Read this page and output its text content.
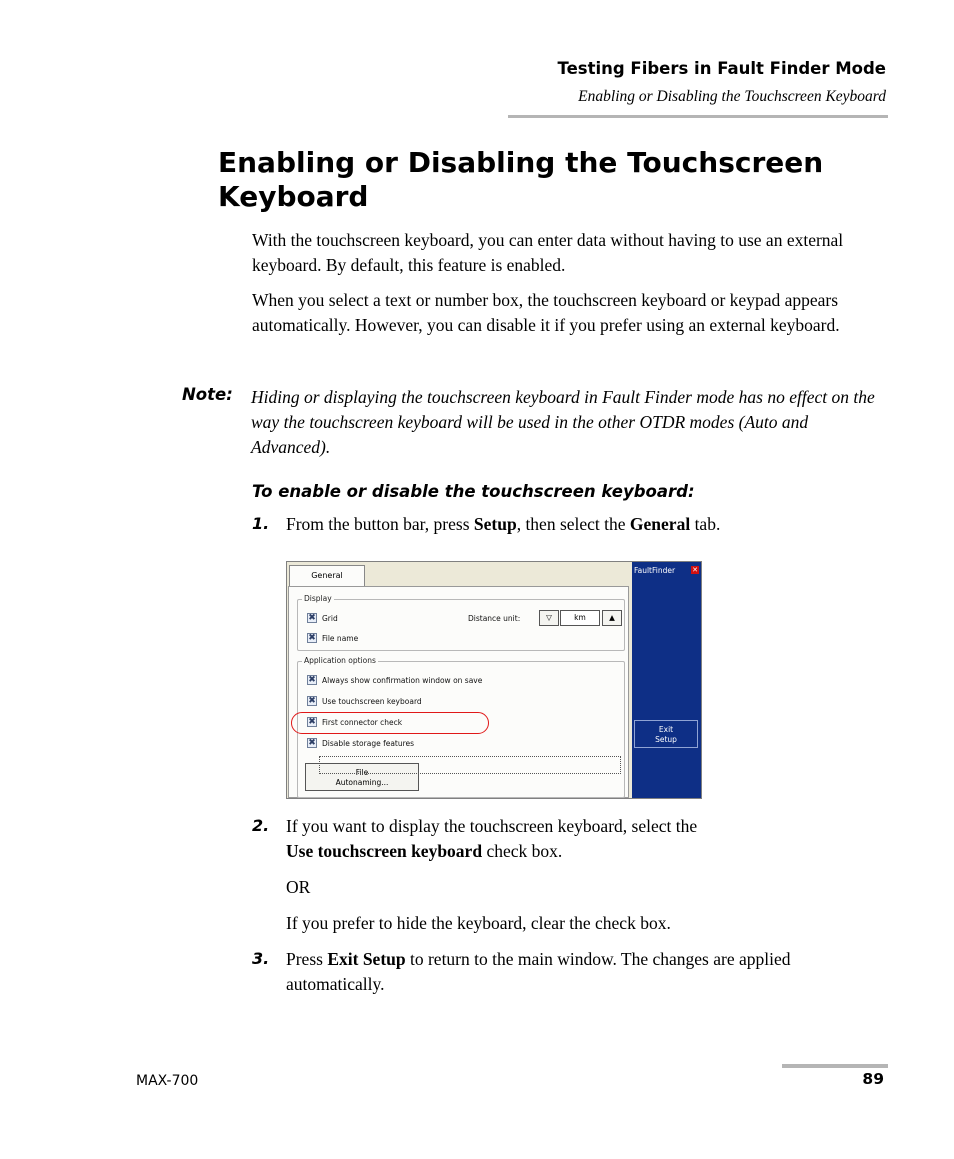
Testing Fibers in Fault Finder Mode
Enabling or Disabling the Touchscreen Keyboard
Enabling or Disabling the Touchscreen
Keyboard
With the touchscreen keyboard, you can enter data without having to use an external keyboard. By default, this feature is enabled.
When you select a text or number box, the touchscreen keyboard or keypad appears automatically. However, you can disable it if you prefer using an external keyboard.
Note: Hiding or displaying the touchscreen keyboard in Fault Finder mode has no effect on the way the touchscreen keyboard will be used in the other OTDR modes (Auto and Advanced).
To enable or disable the touchscreen keyboard:
1. From the button bar, press Setup, then select the General tab.
General
Display
✖ Grid
✖ File name
Distance unit:	▽	km	▲
Application options
✖ Always show confirmation window on save
✖ Use touchscreen keyboard
✖ First connector check
✖ Disable storage features
File
Autonaming...
FaultFinder ✕
Exit
Setup
2. If you want to display the touchscreen keyboard, select the
Use touchscreen keyboard check box.
OR
If you prefer to hide the keyboard, clear the check box.
3. Press Exit Setup to return to the main window. The changes are applied automatically.
MAX-700	89
